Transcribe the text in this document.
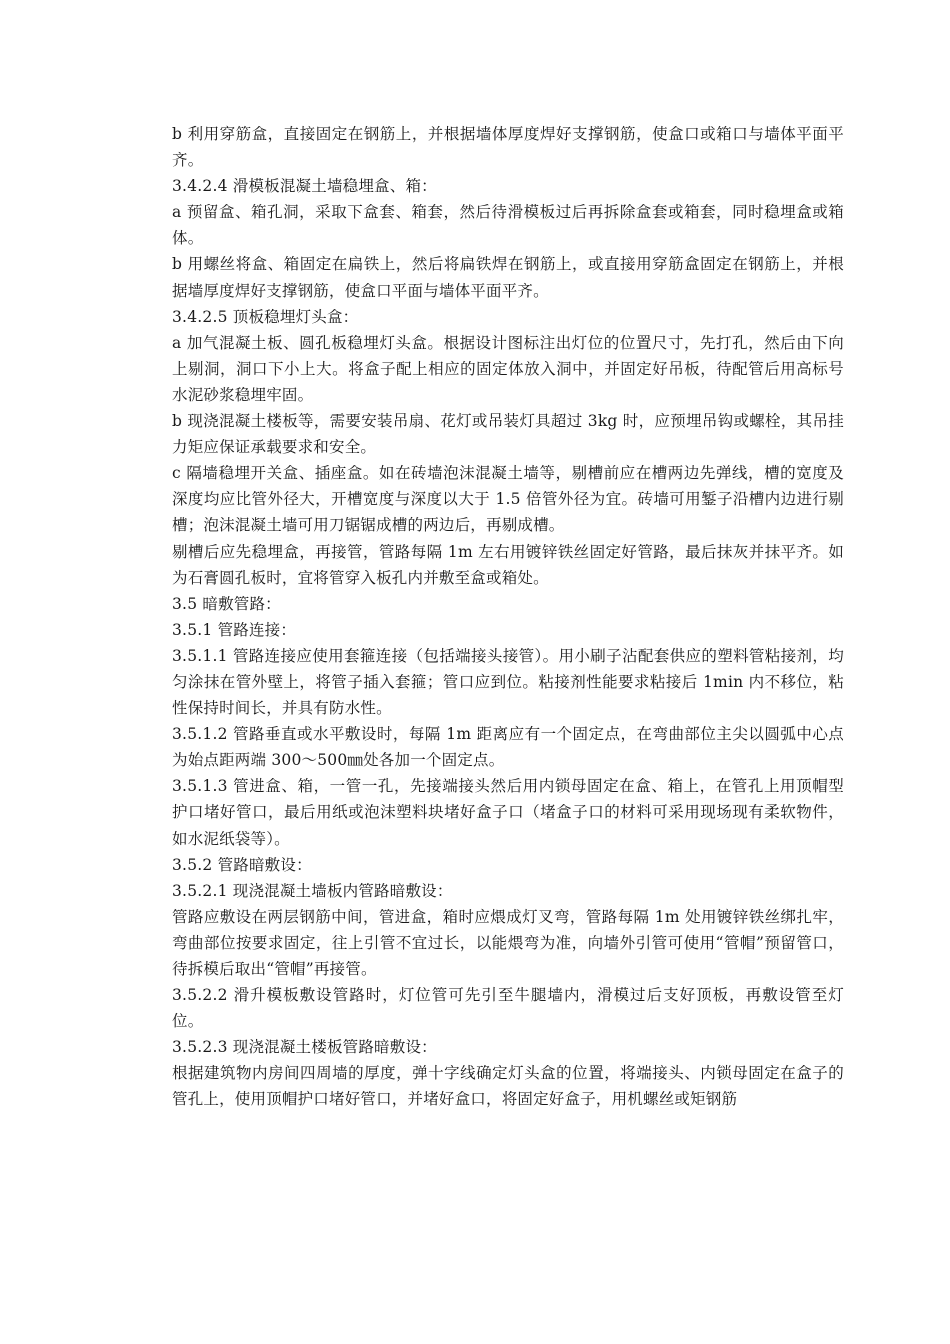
b 利用穿筋盒，直接固定在钢筋上，并根据墙体厚度焊好支撑钢筋，使盒口或箱口与墙体平面平齐。

3.4.2.4 滑模板混凝土墙稳埋盒、箱：

a 预留盒、箱孔洞，采取下盒套、箱套，然后待滑模板过后再拆除盒套或箱套，同时稳埋盒或箱体。

b 用螺丝将盒、箱固定在扁铁上，然后将扁铁焊在钢筋上，或直接用穿筋盒固定在钢筋上，并根据墙厚度焊好支撑钢筋，使盒口平面与墙体平面平齐。

3.4.2.5 顶板稳埋灯头盒：

a 加气混凝土板、圆孔板稳埋灯头盒。根据设计图标注出灯位的位置尺寸，先打孔，然后由下向上剔洞，洞口下小上大。将盒子配上相应的固定体放入洞中，并固定好吊板，待配管后用高标号水泥砂浆稳埋牢固。

b 现浇混凝土楼板等，需要安装吊扇、花灯或吊装灯具超过 3kg 时，应预埋吊钩或螺栓，其吊挂力矩应保证承载要求和安全。

c 隔墙稳埋开关盒、插座盒。如在砖墙泡沫混凝土墙等，剔槽前应在槽两边先弹线，槽的宽度及深度均应比管外径大，开槽宽度与深度以大于 1.5 倍管外径为宜。砖墙可用錾子沿槽内边进行剔槽；泡沫混凝土墙可用刀锯锯成槽的两边后，再剔成槽。

剔槽后应先稳埋盒，再接管，管路每隔 1m 左右用镀锌铁丝固定好管路，最后抹灰并抹平齐。如为石膏圆孔板时，宜将管穿入板孔内并敷至盒或箱处。

3.5 暗敷管路：

3.5.1 管路连接：

3.5.1.1 管路连接应使用套箍连接（包括端接头接管）。用小刷子沾配套供应的塑料管粘接剂，均匀涂抹在管外壁上，将管子插入套箍；管口应到位。粘接剂性能要求粘接后 1min 内不移位，粘性保持时间长，并具有防水性。

3.5.1.2 管路垂直或水平敷设时，每隔 1m 距离应有一个固定点，在弯曲部位主尖以圆弧中心点为始点距两端 300～500㎜处各加一个固定点。

3.5.1.3 管进盒、箱，一管一孔，先接端接头然后用内锁母固定在盒、箱上，在管孔上用顶帽型护口堵好管口，最后用纸或泡沫塑料块堵好盒子口（堵盒子口的材料可采用现场现有柔软物件，如水泥纸袋等）。

3.5.2 管路暗敷设：

3.5.2.1 现浇混凝土墙板内管路暗敷设：

管路应敷设在两层钢筋中间，管进盒，箱时应煨成灯叉弯，管路每隔 1m 处用镀锌铁丝绑扎牢，弯曲部位按要求固定，往上引管不宜过长，以能煨弯为准，向墙外引管可使用“管帽”预留管口，待拆模后取出“管帽”再接管。

3.5.2.2 滑升模板敷设管路时，灯位管可先引至牛腿墙内，滑模过后支好顶板，再敷设管至灯位。

3.5.2.3 现浇混凝土楼板管路暗敷设：

根据建筑物内房间四周墙的厚度，弹十字线确定灯头盒的位置，将端接头、内锁母固定在盒子的管孔上，使用顶帽护口堵好管口，并堵好盒口，将固定好盒子，用机螺丝或矩钢筋
